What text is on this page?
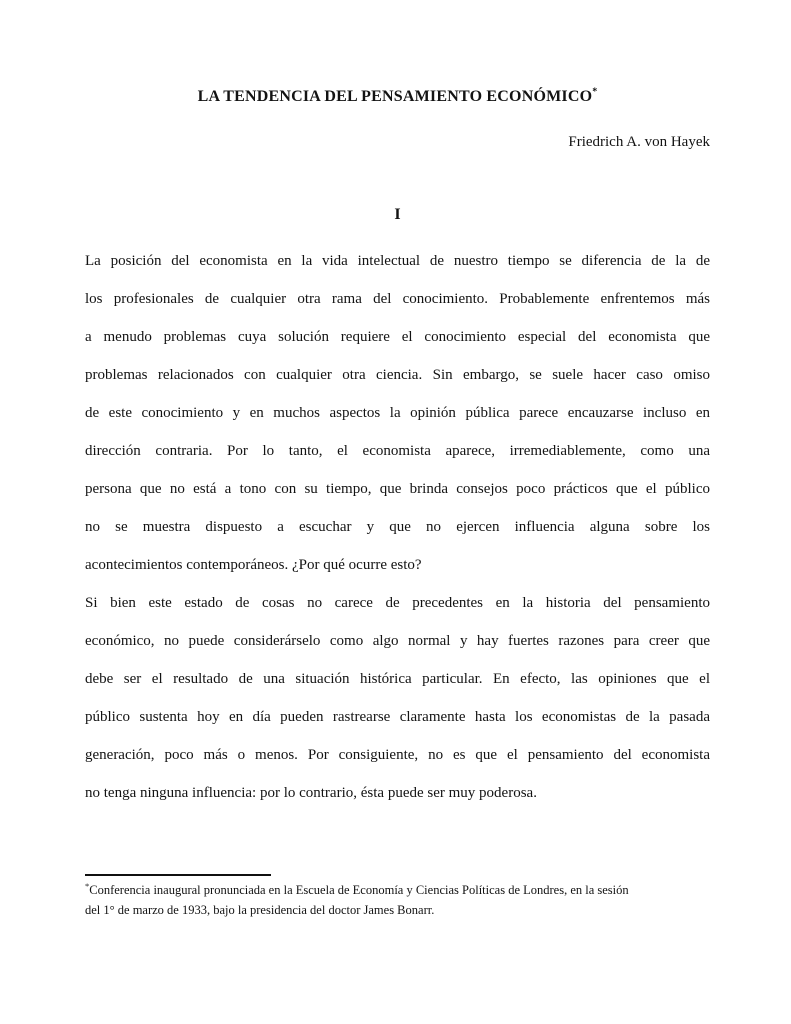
LA TENDENCIA DEL PENSAMIENTO ECONÓMICO*
Friedrich A. von Hayek
I
La posición del economista en la vida intelectual de nuestro tiempo se diferencia de la de
los profesionales de cualquier otra rama del conocimiento. Probablemente enfrentemos más
a menudo problemas cuya solución requiere el conocimiento especial del economista que
problemas relacionados con cualquier otra ciencia. Sin embargo, se suele hacer caso omiso
de este conocimiento y en muchos aspectos la opinión pública parece encauzarse incluso en
dirección contraria. Por lo tanto, el economista aparece, irremediablemente, como una
persona que no está a tono con su tiempo, que brinda consejos poco prácticos que el público
no se muestra dispuesto a escuchar y que no ejercen influencia alguna sobre los
acontecimientos contemporáneos. ¿Por qué ocurre esto?
Si bien este estado de cosas no carece de precedentes en la historia del pensamiento
económico, no puede considerárselo como algo normal y hay fuertes razones para creer que
debe ser el resultado de una situación histórica particular. En efecto, las opiniones que el
público sustenta hoy en día pueden rastrearse claramente hasta los economistas de la pasada
generación, poco más o menos. Por consiguiente, no es que el pensamiento del economista
no tenga ninguna influencia: por lo contrario, ésta puede ser muy poderosa.
*Conferencia inaugural pronunciada en la Escuela de Economía y Ciencias Políticas de Londres, en la sesión
del 1° de marzo de 1933, bajo la presidencia del doctor James Bonarr.
